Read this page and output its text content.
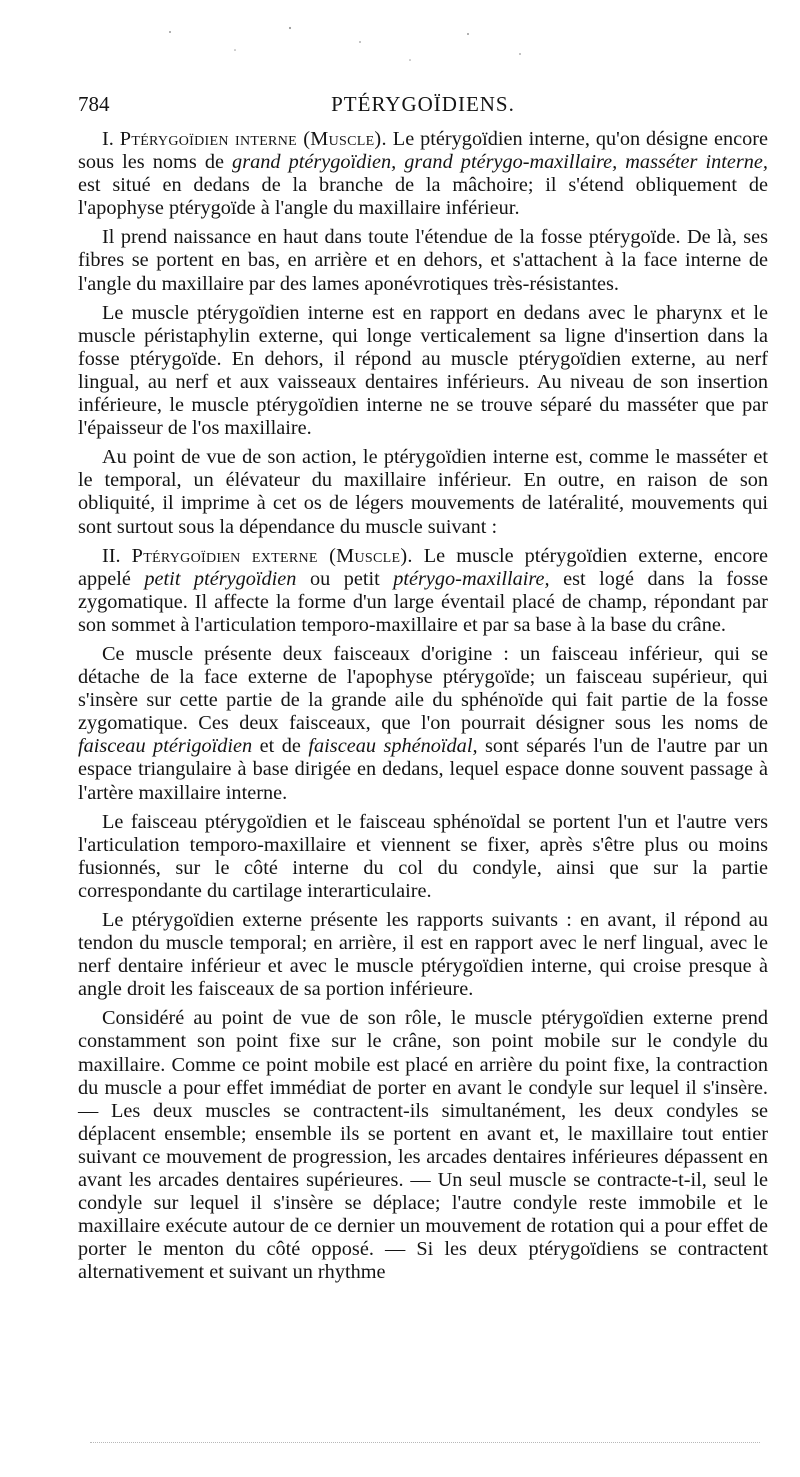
784	PTÉRYGOÏDIENS.

I. Ptérygoïdien interne (Muscle). Le ptérygoïdien interne, qu'on désigne encore sous les noms de grand ptérygoïdien, grand ptérygo-maxillaire, masséter interne, est situé en dedans de la branche de la mâchoire; il s'étend obliquement de l'apophyse ptérygoïde à l'angle du maxillaire inférieur.

Il prend naissance en haut dans toute l'étendue de la fosse ptérygoïde. De là, ses fibres se portent en bas, en arrière et en dehors, et s'attachent à la face interne de l'angle du maxillaire par des lames aponévrotiques très-résistantes.

Le muscle ptérygoïdien interne est en rapport en dedans avec le pharynx et le muscle péristaphylin externe, qui longe verticalement sa ligne d'insertion dans la fosse ptérygoïde. En dehors, il répond au muscle ptérygoïdien externe, au nerf lingual, au nerf et aux vaisseaux dentaires inférieurs. Au niveau de son insertion inférieure, le muscle ptérygoïdien interne ne se trouve séparé du masséter que par l'épaisseur de l'os maxillaire.

Au point de vue de son action, le ptérygoïdien interne est, comme le masséter et le temporal, un élévateur du maxillaire inférieur. En outre, en raison de son obliquité, il imprime à cet os de légers mouvements de latéralité, mouvements qui sont surtout sous la dépendance du muscle suivant :

II. Ptérygoïdien externe (Muscle). Le muscle ptérygoïdien externe, encore appelé petit ptérygoïdien ou petit ptérygo-maxillaire, est logé dans la fosse zygomatique. Il affecte la forme d'un large éventail placé de champ, répondant par son sommet à l'articulation temporo-maxillaire et par sa base à la base du crâne.

Ce muscle présente deux faisceaux d'origine : un faisceau inférieur, qui se détache de la face externe de l'apophyse ptérygoïde; un faisceau supérieur, qui s'insère sur cette partie de la grande aile du sphénoïde qui fait partie de la fosse zygomatique. Ces deux faisceaux, que l'on pourrait désigner sous les noms de faisceau ptérigoïdien et de faisceau sphénoïdal, sont séparés l'un de l'autre par un espace triangulaire à base dirigée en dedans, lequel espace donne souvent passage à l'artère maxillaire interne.

Le faisceau ptérygoïdien et le faisceau sphénoïdal se portent l'un et l'autre vers l'articulation temporo-maxillaire et viennent se fixer, après s'être plus ou moins fusionnés, sur le côté interne du col du condyle, ainsi que sur la partie correspondante du cartilage interarticulaire.

Le ptérygoïdien externe présente les rapports suivants : en avant, il répond au tendon du muscle temporal; en arrière, il est en rapport avec le nerf lingual, avec le nerf dentaire inférieur et avec le muscle ptérygoïdien interne, qui croise presque à angle droit les faisceaux de sa portion inférieure.

Considéré au point de vue de son rôle, le muscle ptérygoïdien externe prend constamment son point fixe sur le crâne, son point mobile sur le condyle du maxillaire. Comme ce point mobile est placé en arrière du point fixe, la contraction du muscle a pour effet immédiat de porter en avant le condyle sur lequel il s'insère. — Les deux muscles se contractent-ils simultanément, les deux condyles se déplacent ensemble; ensemble ils se portent en avant et, le maxillaire tout entier suivant ce mouvement de progression, les arcades dentaires inférieures dépassent en avant les arcades dentaires supérieures. — Un seul muscle se contracte-t-il, seul le condyle sur lequel il s'insère se déplace; l'autre condyle reste immobile et le maxillaire exécute autour de ce dernier un mouvement de rotation qui a pour effet de porter le menton du côté opposé. — Si les deux ptérygoïdiens se contractent alternativement et suivant un rhythme
